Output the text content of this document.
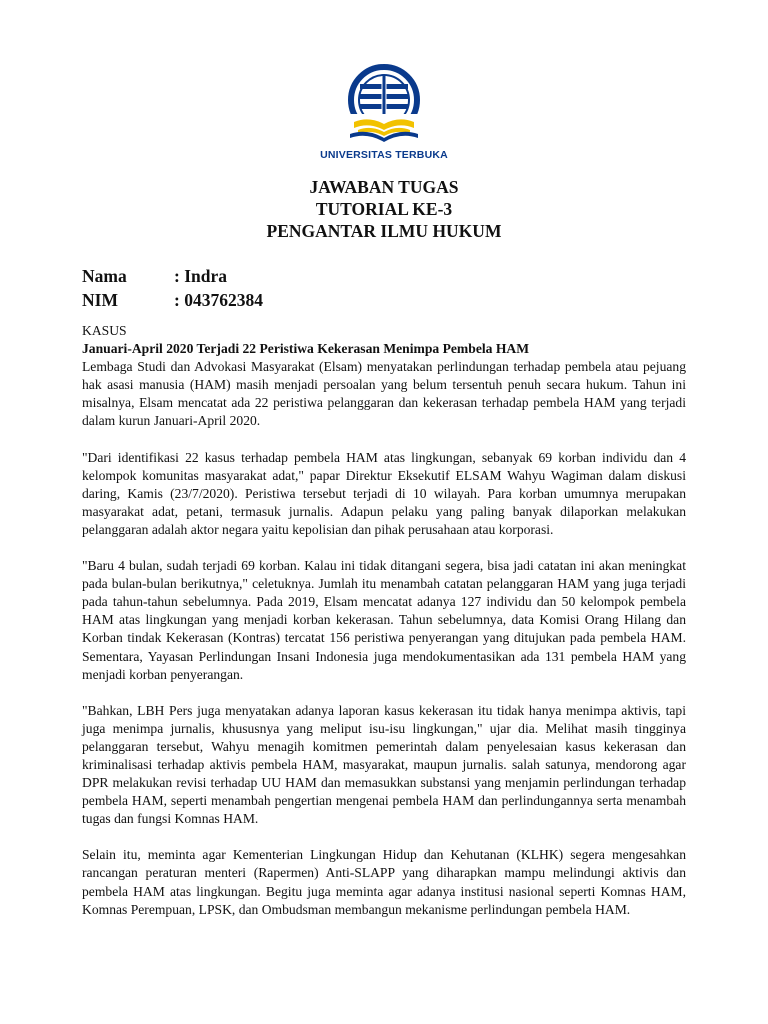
UNIVERSITAS TERBUKA
JAWABAN TUGAS
TUTORIAL KE-3
PENGANTAR ILMU HUKUM
Nama	: Indra
NIM	: 043762384
KASUS
Januari-April 2020 Terjadi 22 Peristiwa Kekerasan Menimpa Pembela HAM

Lembaga Studi dan Advokasi Masyarakat (Elsam) menyatakan perlindungan terhadap pembela atau pejuang hak asasi manusia (HAM) masih menjadi persoalan yang belum tersentuh penuh secara hukum. Tahun ini misalnya, Elsam mencatat ada 22 peristiwa pelanggaran dan kekerasan terhadap pembela HAM yang terjadi dalam kurun Januari-April 2020.

"Dari identifikasi 22 kasus terhadap pembela HAM atas lingkungan, sebanyak 69 korban individu dan 4 kelompok komunitas masyarakat adat," papar Direktur Eksekutif ELSAM Wahyu Wagiman dalam diskusi daring, Kamis (23/7/2020). Peristiwa tersebut terjadi di 10 wilayah. Para korban umumnya merupakan masyarakat adat, petani, termasuk jurnalis. Adapun pelaku yang paling banyak dilaporkan melakukan pelanggaran adalah aktor negara yaitu kepolisian dan pihak perusahaan atau korporasi.

"Baru 4 bulan, sudah terjadi 69 korban. Kalau ini tidak ditangani segera, bisa jadi catatan ini akan meningkat pada bulan-bulan berikutnya," celetuknya. Jumlah itu menambah catatan pelanggaran HAM yang juga terjadi pada tahun-tahun sebelumnya. Pada 2019, Elsam mencatat adanya 127 individu dan 50 kelompok pembela HAM atas lingkungan yang menjadi korban kekerasan. Tahun sebelumnya, data Komisi Orang Hilang dan Korban tindak Kekerasan (Kontras) tercatat 156 peristiwa penyerangan yang ditujukan pada pembela HAM. Sementara, Yayasan Perlindungan Insani Indonesia juga mendokumentasikan ada 131 pembela HAM yang menjadi korban penyerangan.

"Bahkan, LBH Pers juga menyatakan adanya laporan kasus kekerasan itu tidak hanya menimpa aktivis, tapi juga menimpa jurnalis, khususnya yang meliput isu-isu lingkungan," ujar dia. Melihat masih tingginya pelanggaran tersebut, Wahyu menagih komitmen pemerintah dalam penyelesaian kasus kekerasan dan kriminalisasi terhadap aktivis pembela HAM, masyarakat, maupun jurnalis. salah satunya, mendorong agar DPR melakukan revisi terhadap UU HAM dan memasukkan substansi yang menjamin perlindungan terhadap pembela HAM, seperti menambah pengertian mengenai pembela HAM dan perlindungannya serta menambah tugas dan fungsi Komnas HAM.

Selain itu, meminta agar Kementerian Lingkungan Hidup dan Kehutanan (KLHK) segera mengesahkan rancangan peraturan menteri (Rapermen) Anti-SLAPP yang diharapkan mampu melindungi aktivis dan pembela HAM atas lingkungan. Begitu juga meminta agar adanya institusi nasional seperti Komnas HAM, Komnas Perempuan, LPSK, dan Ombudsman membangun mekanisme perlindungan pembela HAM.
